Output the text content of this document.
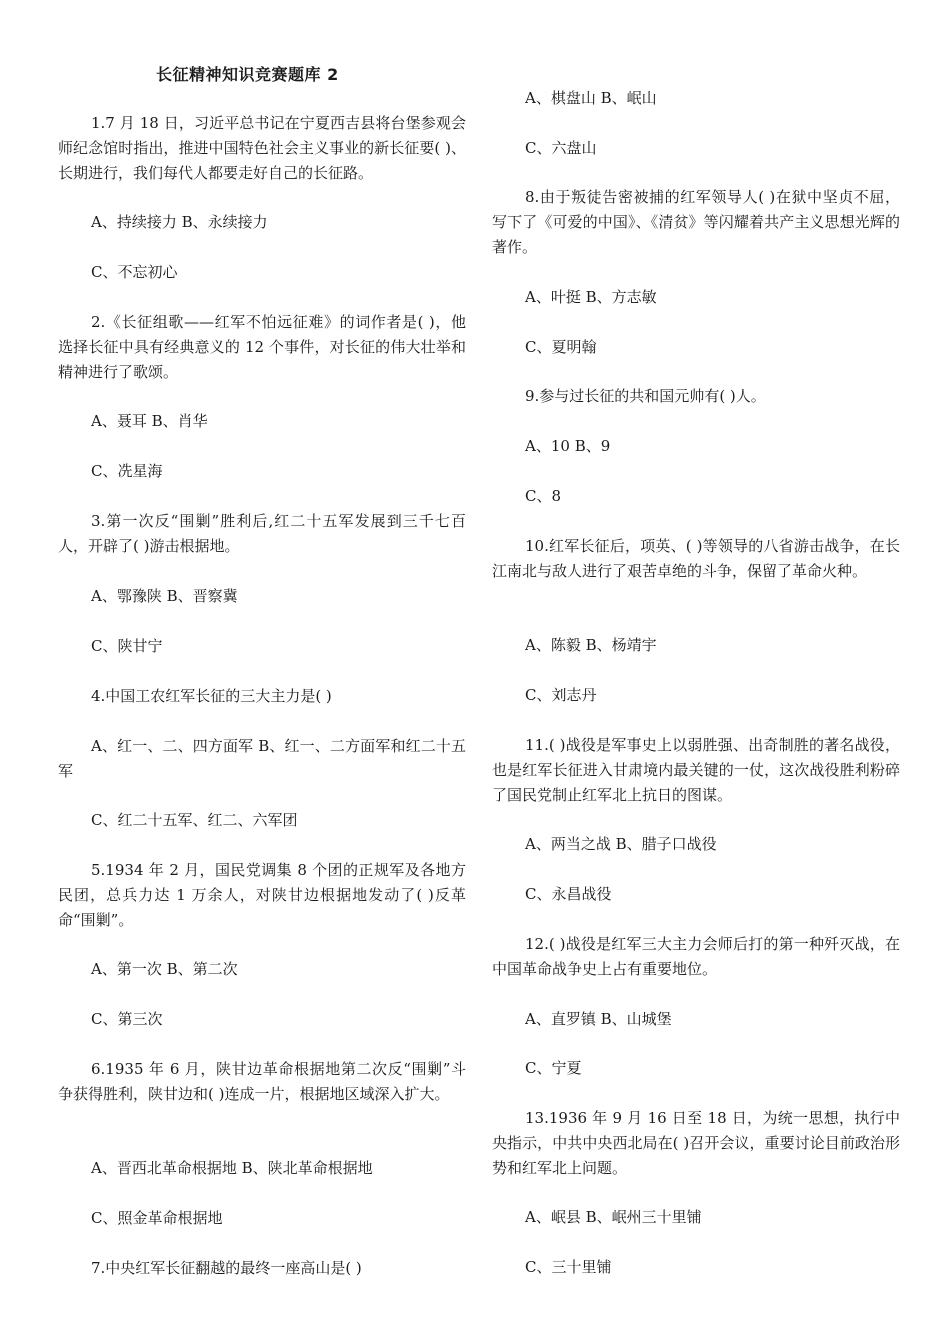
长征精神知识竞赛题库 2

1.7 月 18 日，习近平总书记在宁夏西吉县将台堡参观会师纪念馆时指出，推进中国特色社会主义事业的新长征要( )、长期进行，我们每代人都要走好自己的长征路。

A、持续接力 B、永续接力

C、不忘初心

2.《长征组歌——红军不怕远征难》的词作者是( )，他选择长征中具有经典意义的 12 个事件，对长征的伟大壮举和精神进行了歌颂。

A、聂耳 B、肖华

C、冼星海

3.第一次反“围剿”胜利后,红二十五军发展到三千七百人，开辟了( )游击根据地。

A、鄂豫陕 B、晋察冀

C、陕甘宁

4.中国工农红军长征的三大主力是( )

A、红一、二、四方面军 B、红一、二方面军和红二十五军

C、红二十五军、红二、六军团

5.1934 年 2 月，国民党调集 8 个团的正规军及各地方民团，总兵力达 1 万余人，对陕甘边根据地发动了( )反革命“围剿”。

A、第一次 B、第二次

C、第三次

6.1935 年 6 月，陕甘边革命根据地第二次反“围剿”斗争获得胜利，陕甘边和( )连成一片，根据地区域深入扩大。

A、晋西北革命根据地 B、陕北革命根据地

C、照金革命根据地

7.中央红军长征翻越的最终一座高山是( )

A、棋盘山 B、岷山

C、六盘山

8.由于叛徒告密被捕的红军领导人( )在狱中坚贞不屈，写下了《可爱的中国》、《清贫》等闪耀着共产主义思想光辉的著作。

A、叶挺 B、方志敏

C、夏明翰

9.参与过长征的共和国元帅有( )人。

A、10 B、9

C、8

10.红军长征后，项英、( )等领导的八省游击战争，在长江南北与敌人进行了艰苦卓绝的斗争，保留了革命火种。

A、陈毅 B、杨靖宇

C、刘志丹

11.( )战役是军事史上以弱胜强、出奇制胜的著名战役，也是红军长征进入甘肃境内最关键的一仗，这次战役胜利粉碎了国民党制止红军北上抗日的图谋。

A、两当之战 B、腊子口战役

C、永昌战役

12.( )战役是红军三大主力会师后打的第一种歼灭战，在中国革命战争史上占有重要地位。

A、直罗镇 B、山城堡

C、宁夏

13.1936 年 9 月 16 日至 18 日，为统一思想，执行中央指示，中共中央西北局在( )召开会议，重要讨论目前政治形势和红军北上问题。

A、岷县 B、岷州三十里铺

C、三十里铺
